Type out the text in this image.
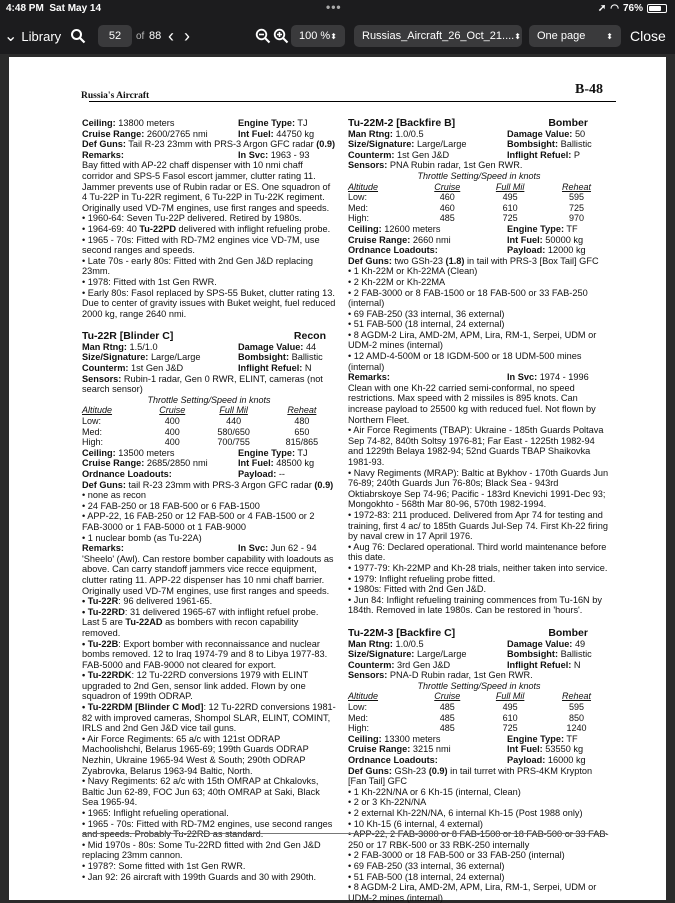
4:48 PM Sat May 14	•••	➚ ◠ 76%
⌄ Library	52	of 88 ‹ ›	100 % ⬍ Russias_Aircraft_26_Oct_21.... ⬍ One page	⬍ Close
Russia's Aircraft	B-48
Ceiling: 13800 meters	Engine Type: TJ
Cruise Range: 2600/2765 nmi	Int Fuel: 44750 kg
Def Guns: Tail R-23 23mm with PRS-3 Argon GFC radar (0.9)
Remarks:	In Svc: 1963 - 93
Bay fitted with AP-22 chaff dispenser with 10 nmi chaff corridor and SPS-5 Fasol escort jammer, clutter rating 11. Jammer prevents use of Rubin radar or ES. One squadron of 4 Tu-22P in Tu-22R regiment, 6 Tu-22P in Tu-22K regiment. Originally used VD-7M engines, use first ranges and speeds.
• 1960-64: Seven Tu-22P delivered. Retired by 1980s.
• 1964-69: 40 Tu-22PD delivered with inflight refueling probe.
• 1965 - 70s: Fitted with RD-7M2 engines vice VD-7M, use second ranges and speeds.
• Late 70s - early 80s: Fitted with 2nd Gen J&D replacing 23mm.
• 1978: Fitted with 1st Gen RWR.
• Early 80s: Fasol replaced by SPS-55 Buket, clutter rating 13. Due to center of gravity issues with Buket weight, fuel reduced 2000 kg, range 2640 nmi.
Tu-22R [Blinder C]	Recon
Man Rtng: 1.5/1.0	Damage Value: 44
Size/Signature: Large/Large	Bombsight: Ballistic
Counterm: 1st Gen J&D	Inflight Refuel: N
Sensors: Rubin-1 radar, Gen 0 RWR, ELINT, cameras (not search sensor)
Throttle Setting/Speed in knots
Altitude	Cruise	Full Mil	Reheat
Low:	400	440	480
Med:	400	580/650	650
High:	400	700/755	815/865
Ceiling: 13500 meters	Engine Type: TJ
Cruise Range: 2685/2850 nmi	Int Fuel: 48500 kg
Ordnance Loadouts:	Payload: --
Def Guns: tail R-23 23mm with PRS-3 Argon GFC radar (0.9)
• none as recon
• 24 FAB-250 or 18 FAB-500 or 6 FAB-1500
• APP-22, 16 FAB-250 or 12 FAB-500 or 4 FAB-1500 or 2 FAB-3000 or 1 FAB-5000 ot 1 FAB-9000
• 1 nuclear bomb (as Tu-22A)
Remarks:	In Svc: Jun 62 - 94
'Sheelo' (Awl). Can restore bomber capability with loadouts as above. Can carry standoff jammers vice recce equipment, clutter rating 11. APP-22 dispenser has 10 nmi chaff barrier. Originally used VD-7M engines, use first ranges and speeds.
• Tu-22R: 96 delivered 1961-65.
• Tu-22RD: 31 delivered 1965-67 with inflight refuel probe. Last 5 are Tu-22AD as bombers with recon capability removed.
• Tu-22B: Export bomber with reconnaissance and nuclear bombs removed. 12 to Iraq 1974-79 and 8 to Libya 1977-83. FAB-5000 and FAB-9000 not cleared for export.
• Tu-22RDK: 12 Tu-22RD conversions 1979 with ELINT upgraded to 2nd Gen, sensor link added. Flown by one squadron of 199th ODRAP.
• Tu-22RDM [Blinder C Mod]: 12 Tu-22RD conversions 1981-82 with improved cameras, Shompol SLAR, ELINT, COMINT, IRLS and 2nd Gen J&D vice tail guns.
• Air Force Regiments: 65 a/c with 121st ODRAP Machoolishchi, Belarus 1965-69; 199th Guards ODRAP Nezhin, Ukraine 1965-94 West & South; 290th ODRAP Zyabrovka, Belarus 1963-94 Baltic, North.
• Navy Regiments: 62 a/c with 15th OMRAP at Chkalovks, Baltic Jun 62-89, FOC Jun 63; 40th OMRAP at Saki, Black Sea 1965-94.
• 1965: Inflight refueling operational.
• 1965 - 70s: Fitted with RD-7M2 engines, use second ranges and speeds. Probably Tu-22RD as standard.
• Mid 1970s - 80s: Some Tu-22RD fitted with 2nd Gen J&D replacing 23mm cannon.
• 1978?: Some fitted with 1st Gen RWR.
• Jan 92: 26 aircraft with 199th Guards and 30 with 290th.
Tu-22M-2 [Backfire B]	Bomber
Man Rtng: 1.0/0.5	Damage Value: 50
Size/Signature: Large/Large	Bombsight: Ballistic
Counterm: 1st Gen J&D	Inflight Refuel: P
Sensors: PNA Rubin radar, 1st Gen RWR.
Throttle Setting/Speed in knots
Altitude	Cruise	Full Mil	Reheat
Low:	460	495	595
Med:	460	610	725
High:	485	725	970
Ceiling: 12600 meters	Engine Type: TF
Cruise Range: 2660 nmi	Int Fuel: 50000 kg
Ordnance Loadouts:	Payload: 12000 kg
Def Guns: two GSh-23 (1.8) in tail with PRS-3 [Box Tail] GFC
• 1 Kh-22M or Kh-22MA (Clean)
• 2 Kh-22M or Kh-22MA
• 2 FAB-3000 or 8 FAB-1500 or 18 FAB-500 or 33 FAB-250 (internal)
• 69 FAB-250 (33 internal, 36 external)
• 51 FAB-500 (18 internal, 24 external)
• 8 AGDM-2 Lira, AMD-2M, APM, Lira, RM-1, Serpei, UDM or UDM-2 mines (internal)
• 12 AMD-4-500M or 18 IGDM-500 or 18 UDM-500 mines (internal)
Remarks:	In Svc: 1974 - 1996
Clean with one Kh-22 carried semi-conformal, no speed restrictions. Max speed with 2 missiles is 895 knots. Can increase payload to 25500 kg with reduced fuel. Not flown by Northern Fleet.
• Air Force Regiments (TBAP): Ukraine - 185th Guards Poltava Sep 74-82, 840th Soltsy 1976-81; Far East - 1225th 1982-94 and 1229th Belaya 1982-94; 52nd Guards TBAP Shaikovka 1981-93.
• Navy Regiments (MRAP): Baltic at Bykhov - 170th Guards Jun 76-89; 240th Guards Jun 76-80s; Black Sea - 943rd Oktiabrskoye Sep 74-96; Pacific - 183rd Knevichi 1991-Dec 93; Mongokhto - 568th Mar 80-96, 570th 1982-1994.
• 1972-83: 211 produced. Delivered from Apr 74 for testing and training, first 4 ac/ to 185th Guards Jul-Sep 74. First Kh-22 firing by naval crew in 17 April 1976.
• Aug 76: Declared operational. Third world maintenance before this date.
• 1977-79: Kh-22MP and Kh-28 trials, neither taken into service.
• 1979: Inflight refueling probe fitted.
• 1980s: Fitted with 2nd Gen J&D.
• Jun 84: Inflight refueling training commences from Tu-16N by 184th. Removed in late 1980s. Can be restored in 'hours'.
Tu-22M-3 [Backfire C]	Bomber
Man Rtng: 1.0/0.5	Damage Value: 49
Size/Signature: Large/Large	Bombsight: Ballistic
Counterm: 3rd Gen J&D	Inflight Refuel: N
Sensors: PNA-D Rubin radar, 1st Gen RWR.
Throttle Setting/Speed in knots
Altitude	Cruise	Full Mil	Reheat
Low:	485	495	595
Med:	485	610	850
High:	485	725	1240
Ceiling: 13300 meters	Engine Type: TF
Cruise Range: 3215 nmi	Int Fuel: 53550 kg
Ordnance Loadouts:	Payload: 16000 kg
Def Guns: GSh-23 (0.9) in tail turret with PRS-4KM Krypton [Fan Tail] GFC
• 1 Kh-22N/NA or 6 Kh-15 (internal, Clean)
• 2 or 3 Kh-22N/NA
• 2 external Kh-22N/NA, 6 internal Kh-15 (Post 1988 only)
• 10 Kh-15 (6 internal, 4 external)
• APP-22, 2 FAB-3000 or 8 FAB-1500 or 18 FAB-500 or 33 FAB-250 or 17 RBK-500 or 33 RBK-250 internally
• 2 FAB-3000 or 18 FAB-500 or 33 FAB-250 (internal)
• 69 FAB-250 (33 internal, 36 external)
• 51 FAB-500 (18 internal, 24 external)
• 8 AGDM-2 Lira, AMD-2M, APM, Lira, RM-1, Serpei, UDM or UDM-2 mines (internal)
